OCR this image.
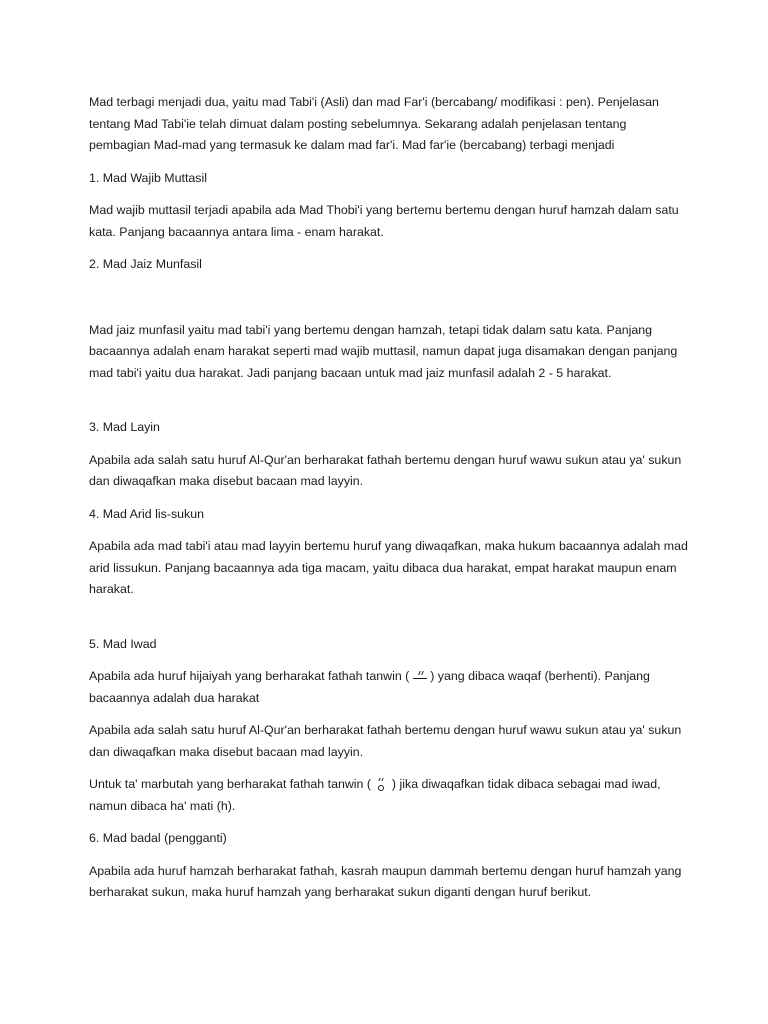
Mad terbagi menjadi dua, yaitu mad Tabi'i (Asli) dan mad Far'i (bercabang/ modifikasi : pen). Penjelasan tentang Mad Tabi'ie telah dimuat dalam posting sebelumnya. Sekarang adalah penjelasan tentang pembagian Mad-mad yang termasuk ke dalam mad far'i. Mad far'ie (bercabang) terbagi menjadi

1. Mad Wajib Muttasil

Mad wajib muttasil terjadi apabila ada Mad Thobi'i yang bertemu bertemu dengan huruf hamzah dalam satu kata. Panjang bacaannya antara lima - enam harakat.

2. Mad Jaiz Munfasil

Mad jaiz munfasil yaitu mad tabi'i yang bertemu dengan hamzah, tetapi tidak dalam satu kata. Panjang bacaannya adalah enam harakat seperti mad wajib muttasil, namun dapat juga disamakan dengan panjang mad tabi'i yaitu dua harakat. Jadi panjang bacaan untuk mad jaiz munfasil adalah 2 - 5 harakat.

3. Mad Layin

Apabila ada salah satu huruf Al-Qur'an berharakat fathah bertemu dengan huruf wawu sukun atau ya' sukun dan diwaqafkan maka disebut bacaan mad layyin.

4. Mad Arid lis-sukun

Apabila ada mad tabi'i atau mad layyin bertemu huruf yang diwaqafkan, maka hukum bacaannya adalah mad arid lissukun. Panjang bacaannya ada tiga macam, yaitu dibaca dua harakat, empat harakat maupun enam harakat.

5. Mad Iwad

Apabila ada huruf hijaiyah yang berharakat fathah tanwin ( ) yang dibaca waqaf (berhenti). Panjang bacaannya adalah dua harakat

Apabila ada salah satu huruf Al-Qur'an berharakat fathah bertemu dengan huruf wawu sukun atau ya' sukun dan diwaqafkan maka disebut bacaan mad layyin.

Untuk ta' marbutah yang berharakat fathah tanwin ( ) jika diwaqafkan tidak dibaca sebagai mad iwad, namun dibaca ha' mati (h).

6. Mad badal (pengganti)

Apabila ada huruf hamzah berharakat fathah, kasrah maupun dammah bertemu dengan huruf hamzah yang berharakat sukun, maka huruf hamzah yang berharakat sukun diganti dengan huruf berikut.
